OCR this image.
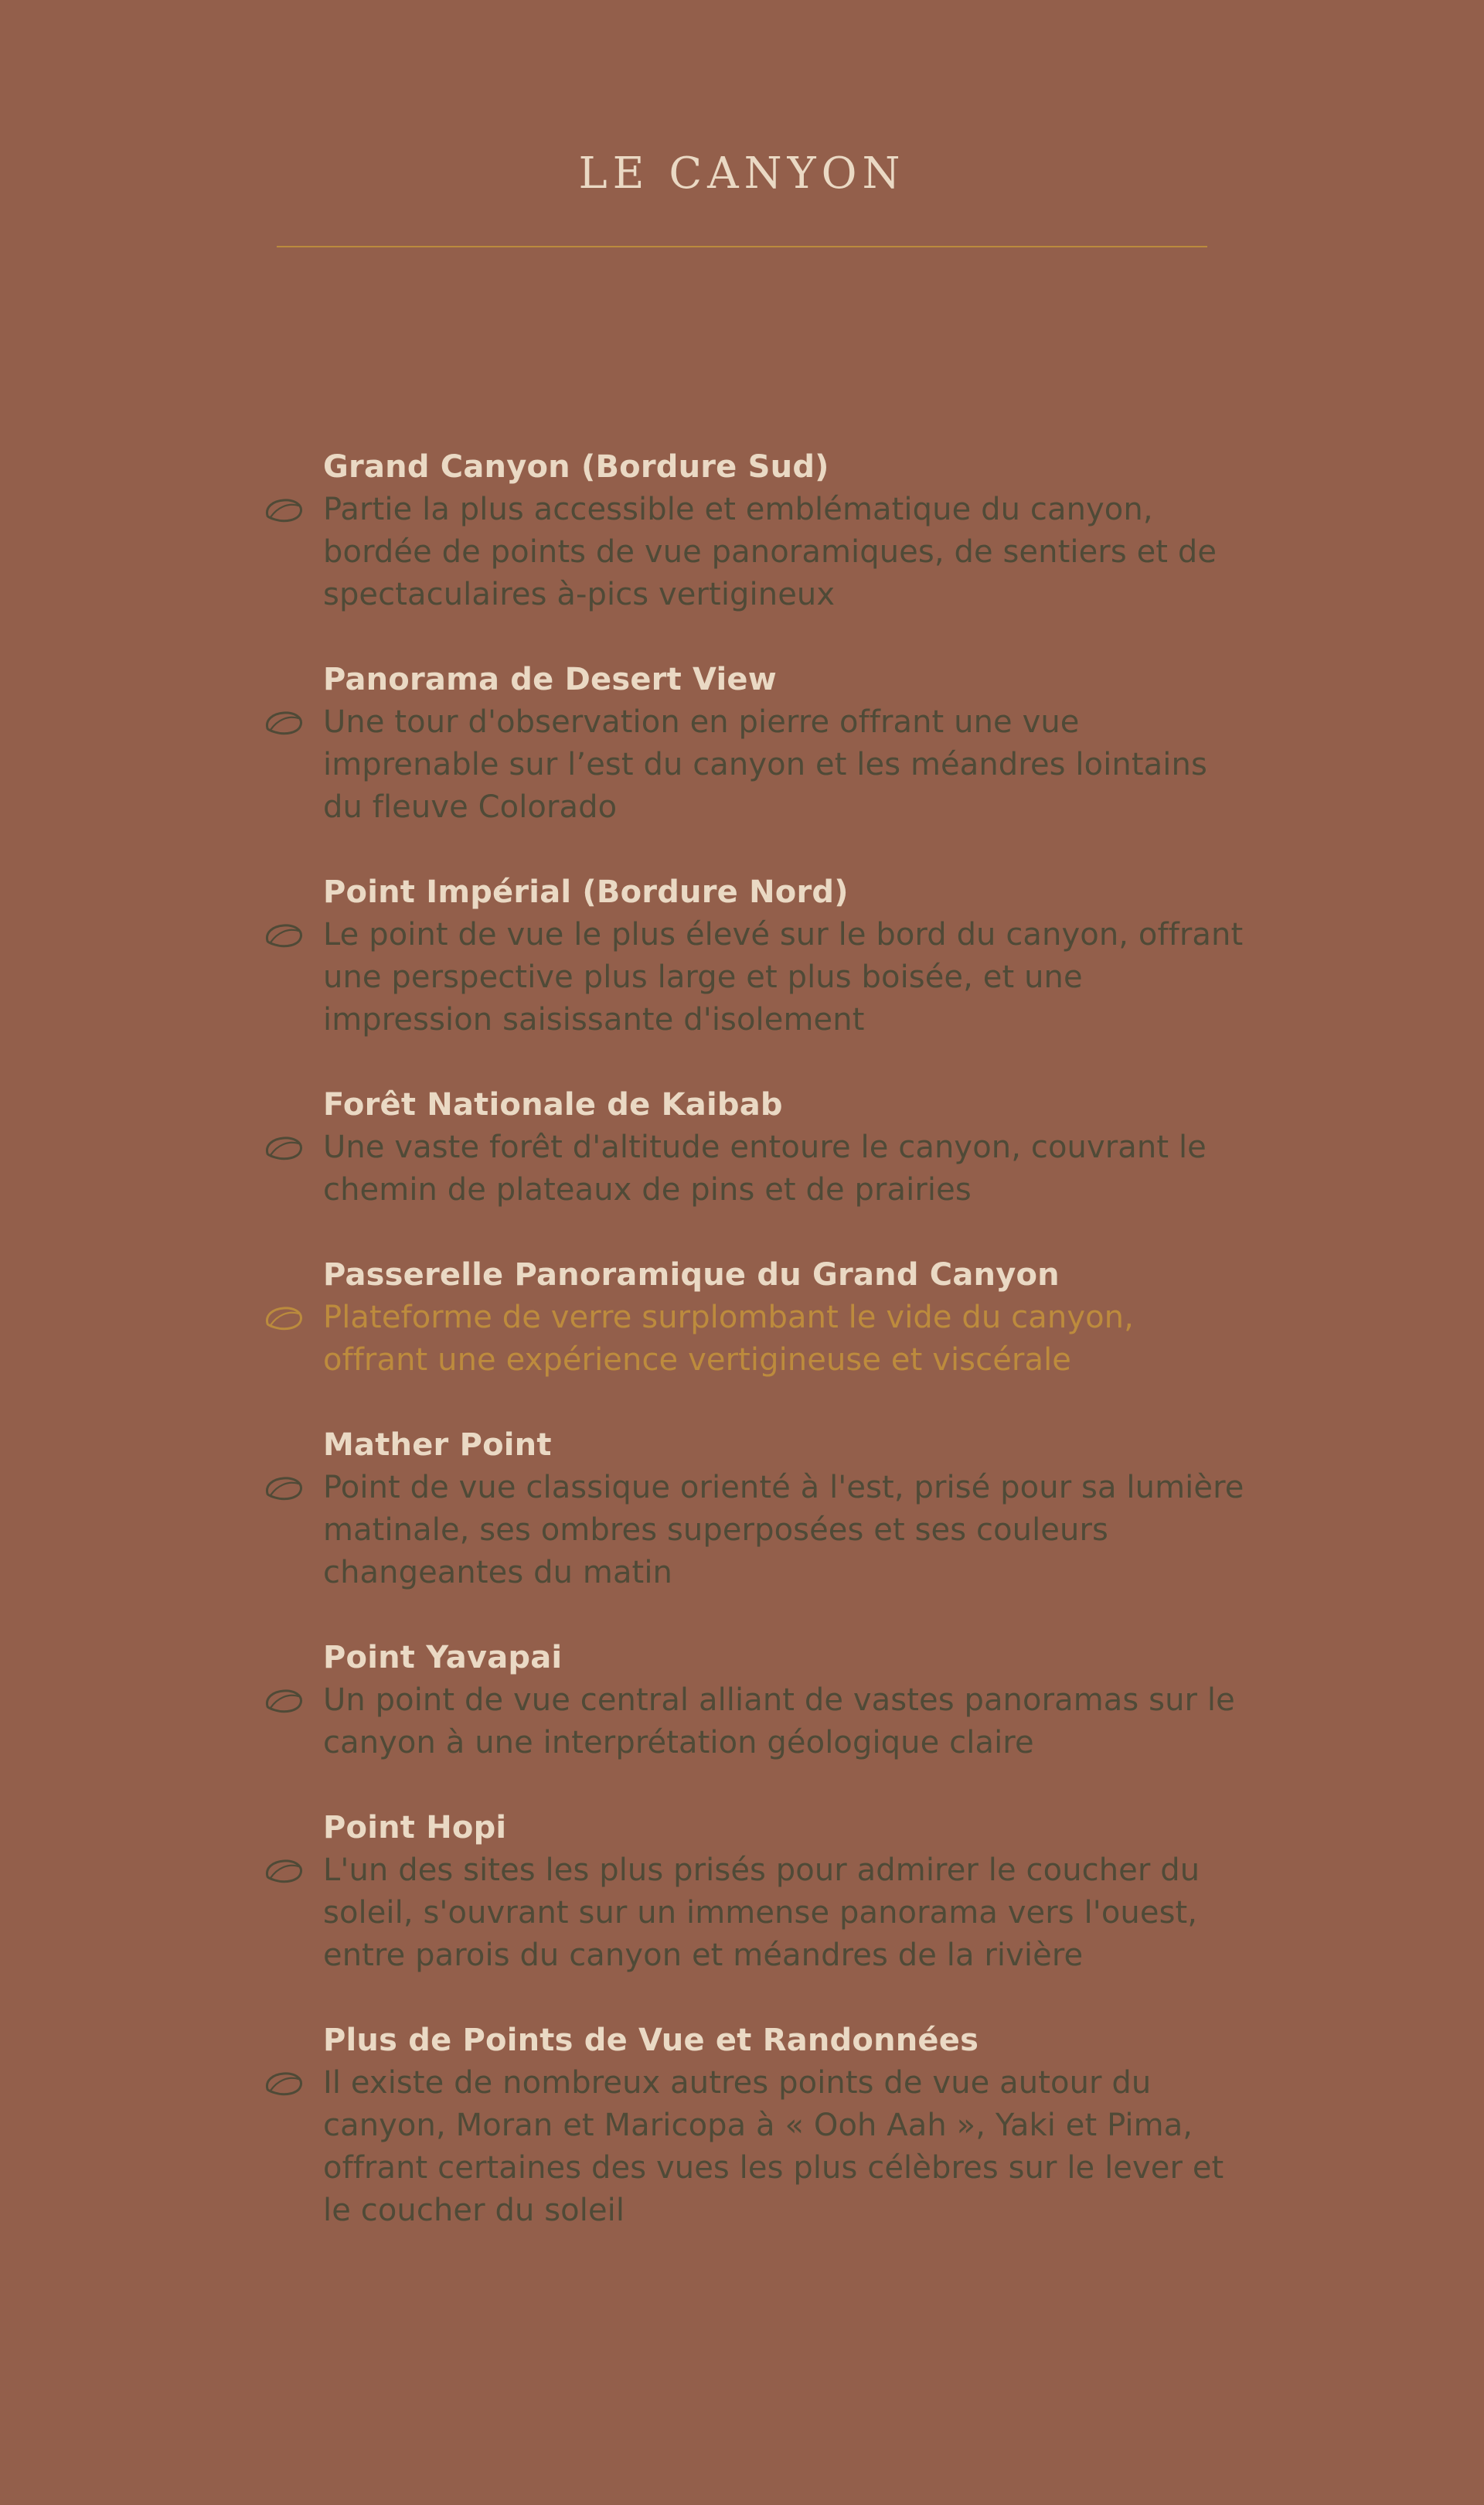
LE CANYON
Grand Canyon (Bordure Sud)
Partie la plus accessible et emblématique du canyon, bordée de points de vue panoramiques, de sentiers et de spectaculaires à-pics vertigineux
Panorama de Desert View
Une tour d'observation en pierre offrant une vue imprenable sur l’est du canyon et les méandres lointains du fleuve Colorado
Point Impérial (Bordure Nord)
Le point de vue le plus élevé sur le bord du canyon, offrant une perspective plus large et plus boisée, et une impression saisissante d'isolement
Forêt Nationale de Kaibab
Une vaste forêt d'altitude entoure le canyon, couvrant le chemin de plateaux de pins et de prairies
Passerelle Panoramique du Grand Canyon
Plateforme de verre surplombant le vide du canyon, offrant une expérience vertigineuse et viscérale
Mather Point
Point de vue classique orienté à l'est, prisé pour sa lumière matinale, ses ombres superposées et ses couleurs changeantes du matin
Point Yavapai
Un point de vue central alliant de vastes panoramas sur le canyon à une interprétation géologique claire
Point Hopi
L'un des sites les plus prisés pour admirer le coucher du soleil, s'ouvrant sur un immense panorama vers l'ouest, entre parois du canyon et méandres de la rivière
Plus de Points de Vue et Randonnées
Il existe de nombreux autres points de vue autour du canyon, Moran et Maricopa à « Ooh Aah », Yaki et Pima, offrant certaines des vues les plus célèbres sur le lever et le coucher du soleil
